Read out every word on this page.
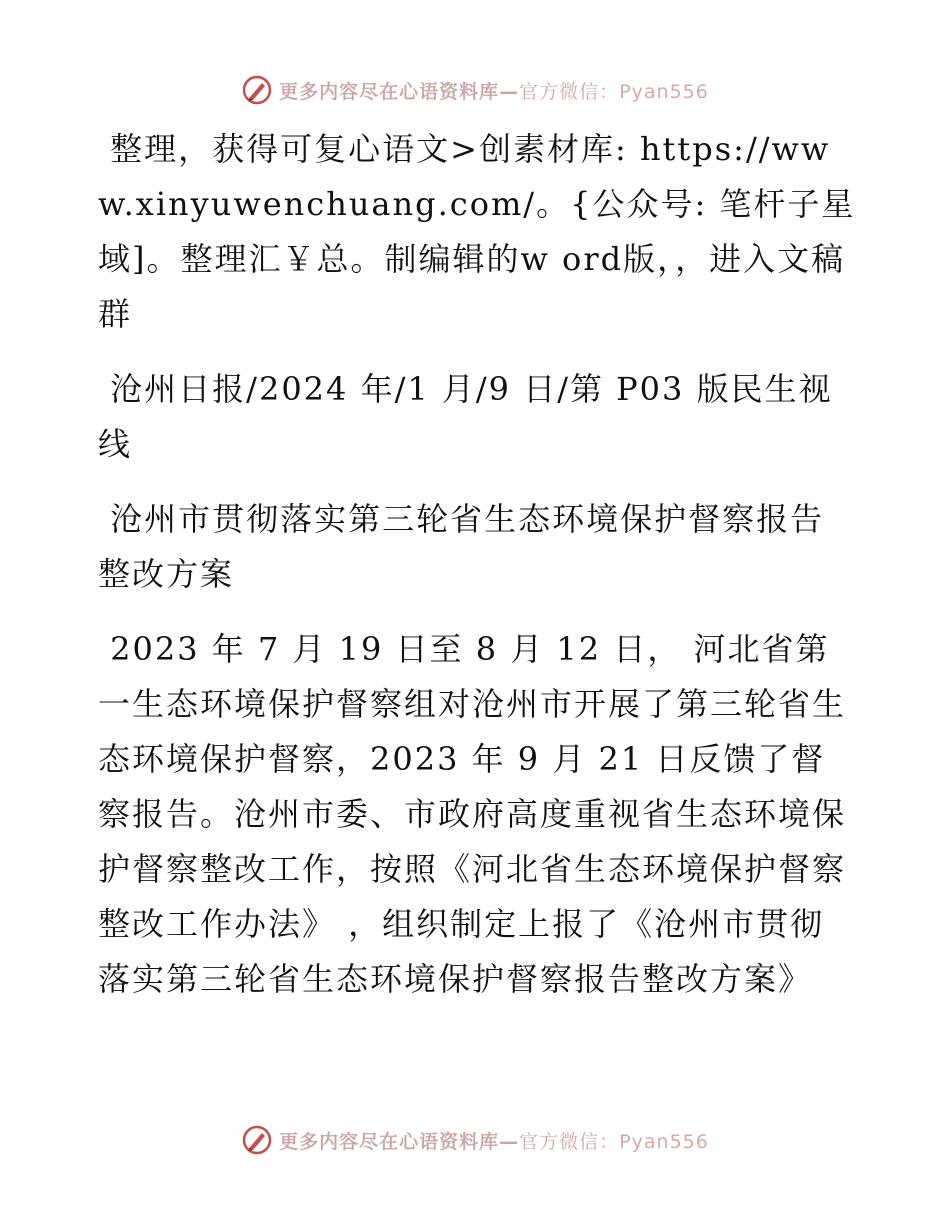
更多内容尽在心语资料库—官方微信：Pyan556

整理，获得可复心语文>创素材库: https://www.xinyuwenchuang.com/。{公众号: 笔杆子星域]。整理汇￥总。制编辑的w ord版，，进入文稿群

沧州日报/2024 年/1 月/9 日/第 P03 版民生视线

沧州市贯彻落实第三轮省生态环境保护督察报告整改方案

2023 年 7 月 19 日至 8 月 12 日， 河北省第一生态环境保护督察组对沧州市开展了第三轮省生态环境保护督察，2023 年 9 月 21 日反馈了督察报告。沧州市委、市政府高度重视省生态环境保护督察整改工作，按照《河北省生态环境保护督察整改工作办法》 ，组织制定上报了《沧州市贯彻落实第三轮省生态环境保护督察报告整改方案》

更多内容尽在心语资料库—官方微信：Pyan556
